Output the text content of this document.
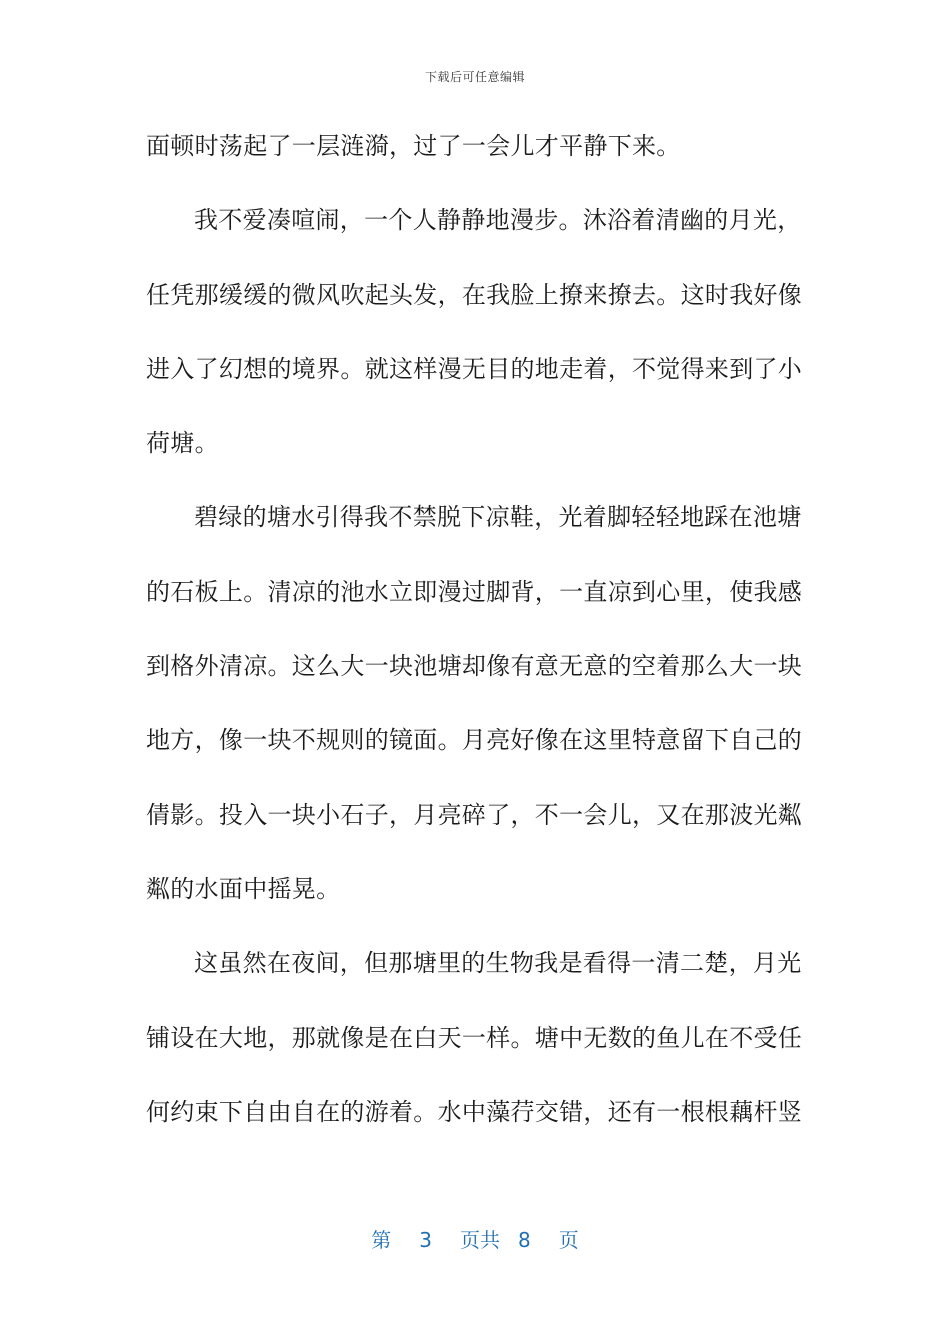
下载后可任意编辑
面顿时荡起了一层涟漪，过了一会儿才平静下来。
我不爱凑喧闹，一个人静静地漫步。沐浴着清幽的月光，
任凭那缓缓的微风吹起头发，在我脸上撩来撩去。这时我好像
进入了幻想的境界。就这样漫无目的地走着，不觉得来到了小
荷塘。
碧绿的塘水引得我不禁脱下凉鞋，光着脚轻轻地踩在池塘
的石板上。清凉的池水立即漫过脚背，一直凉到心里，使我感
到格外清凉。这么大一块池塘却像有意无意的空着那么大一块
地方，像一块不规则的镜面。月亮好像在这里特意留下自己的
倩影。投入一块小石子，月亮碎了，不一会儿，又在那波光粼
粼的水面中摇晃。
这虽然在夜间，但那塘里的生物我是看得一清二楚，月光
铺设在大地，那就像是在白天一样。塘中无数的鱼儿在不受任
何约束下自由自在的游着。水中藻荇交错，还有一根根藕杆竖
第 3 页共 8 页
